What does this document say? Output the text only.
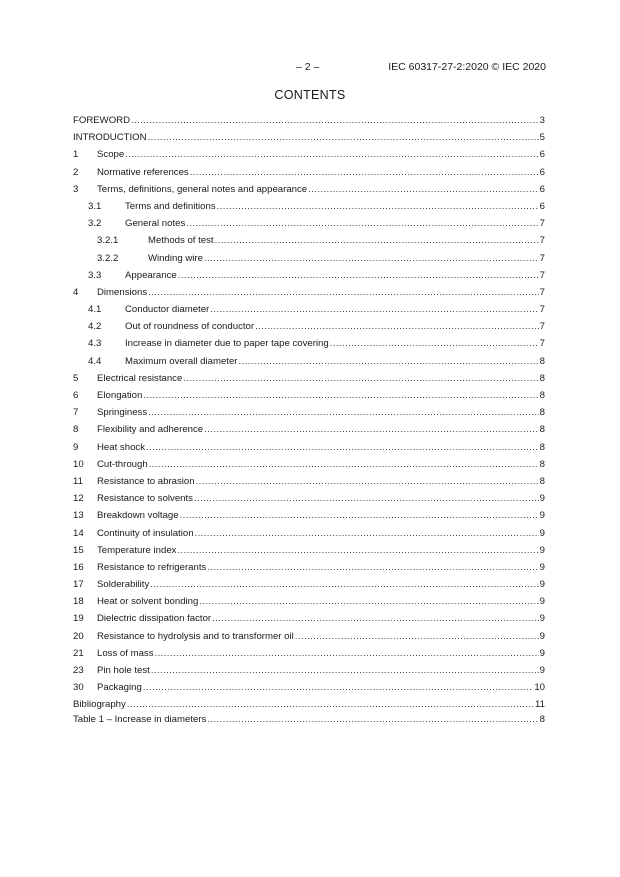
– 2 –	IEC 60317-27-2:2020 © IEC 2020
CONTENTS
FOREWORD .....	3
INTRODUCTION .....	5
1 Scope .....	6
2 Normative references .....	6
3 Terms, definitions, general notes and appearance .....	6
3.1 Terms and definitions .....	6
3.2 General notes .....	7
3.2.1	Methods of test .....	7
3.2.2	Winding wire .....	7
3.3 Appearance .....	7
4 Dimensions .....	7
4.1 Conductor diameter .....	7
4.2 Out of roundness of conductor .....	7
4.3 Increase in diameter due to paper tape covering .....	7
4.4 Maximum overall diameter .....	8
5 Electrical resistance .....	8
6 Elongation .....	8
7 Springiness .....	8
8 Flexibility and adherence .....	8
9 Heat shock .....	8
10 Cut-through .....	8
11 Resistance to abrasion .....	8
12 Resistance to solvents .....	9
13 Breakdown voltage .....	9
14 Continuity of insulation .....	9
15 Temperature index .....	9
16 Resistance to refrigerants .....	9
17 Solderability .....	9
18 Heat or solvent bonding .....	9
19 Dielectric dissipation factor .....	9
20 Resistance to hydrolysis and to transformer oil .....	9
21 Loss of mass .....	9
23 Pin hole test .....	9
30 Packaging .....	10
Bibliography .....	11
Table 1 – Increase in diameters .....	8
